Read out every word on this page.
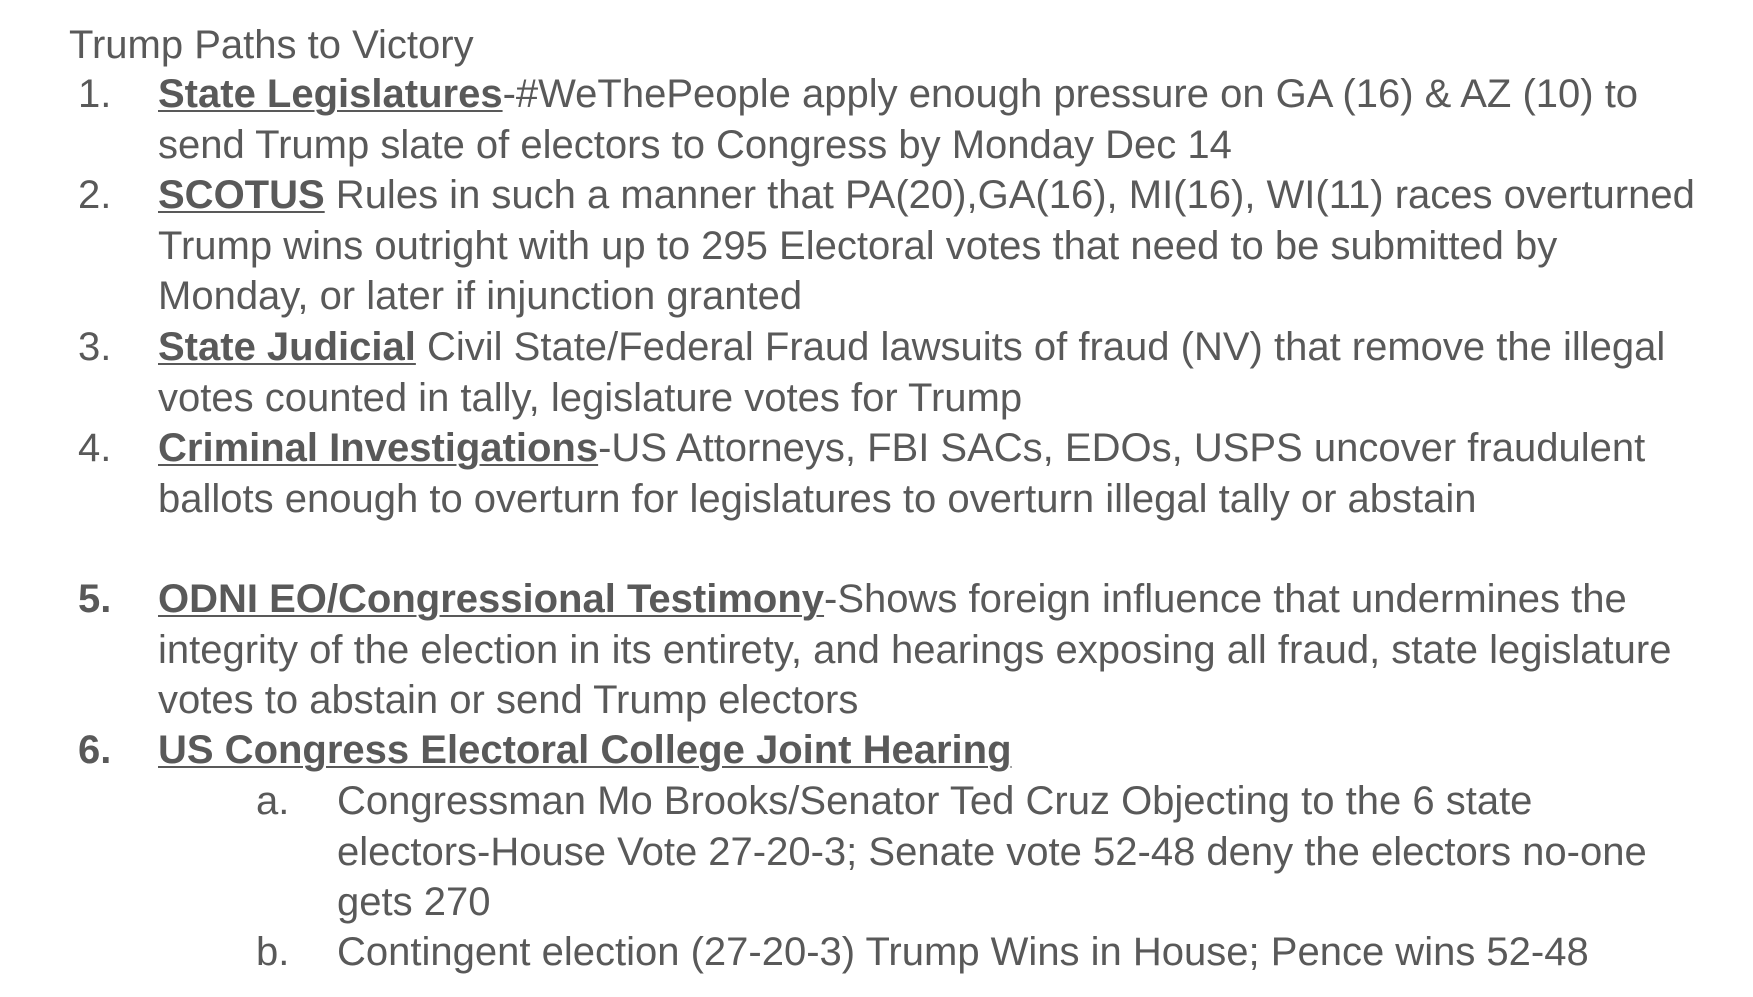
Trump Paths to Victory
1.	State Legislatures-#WeThePeople apply enough pressure on GA (16) & AZ (10) to send Trump slate of electors to Congress by Monday Dec 14
2.	SCOTUS Rules in such a manner that PA(20),GA(16), MI(16), WI(11) races overturned Trump wins outright with up to 295 Electoral votes that need to be submitted by Monday, or later if injunction granted
3.	State Judicial Civil State/Federal Fraud lawsuits of fraud (NV) that remove the illegal votes counted in tally, legislature votes for Trump
4.	Criminal Investigations-US Attorneys, FBI SACs, EDOs, USPS uncover fraudulent ballots enough to overturn for legislatures to overturn illegal tally or abstain
5.	ODNI EO/Congressional Testimony-Shows foreign influence that undermines the integrity of the election in its entirety, and hearings exposing all fraud, state legislature votes to abstain or send Trump electors
6.	US Congress Electoral College Joint Hearing
a.	Congressman Mo Brooks/Senator Ted Cruz Objecting to the 6 state electors-House Vote 27-20-3; Senate vote 52-48 deny the electors no-one gets 270
b.	Contingent election (27-20-3) Trump Wins in House; Pence wins 52-48
